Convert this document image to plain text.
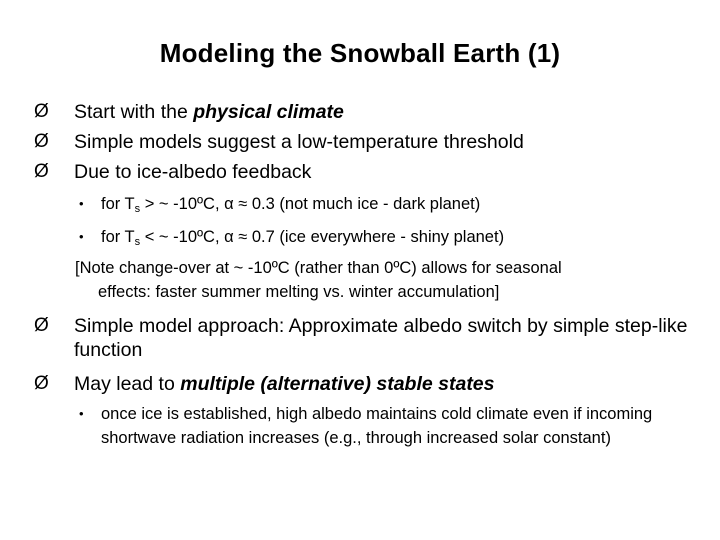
Modeling the Snowball Earth (1)
Ø Start with the physical climate
Ø Simple models suggest a low-temperature threshold
Ø Due to ice-albedo feedback
• for Ts > ~ -10ºC, α ≈ 0.3 (not much ice - dark planet)
• for Ts < ~ -10ºC, α ≈ 0.7 (ice everywhere - shiny planet)
[Note change-over at ~ -10ºC (rather than 0ºC) allows for seasonal
effects: faster summer melting vs. winter accumulation]
Ø Simple model approach: Approximate albedo switch by simple step-like function
Ø May lead to multiple (alternative) stable states
• once ice is established, high albedo maintains cold climate even if incoming shortwave radiation increases (e.g., through increased solar constant)
